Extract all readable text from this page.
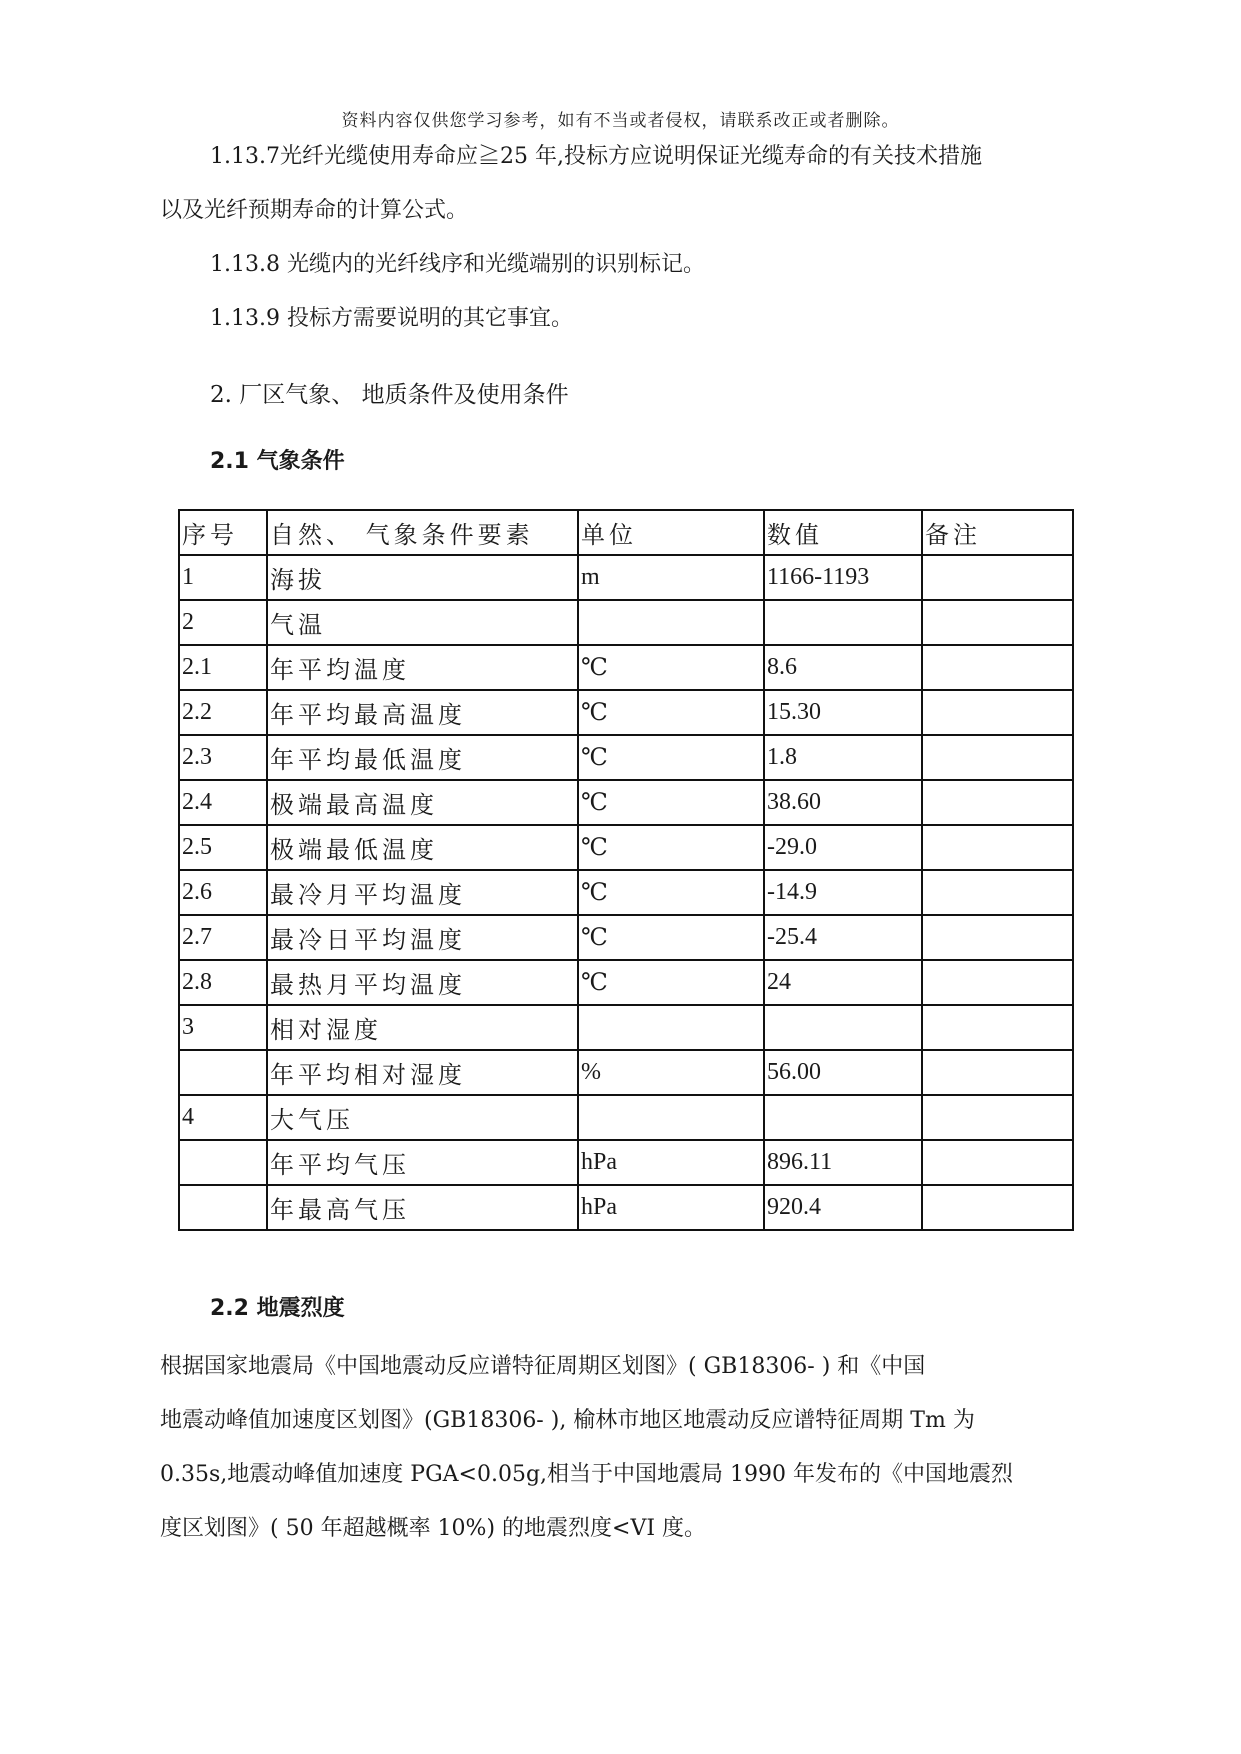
资料内容仅供您学习参考，如有不当或者侵权，请联系改正或者删除。
1.13.7光纤光缆使用寿命应≧25 年,投标方应说明保证光缆寿命的有关技术措施
以及光纤预期寿命的计算公式。
1.13.8 光缆内的光纤线序和光缆端别的识别标记。
1.13.9 投标方需要说明的其它事宜。
2. 厂区气象、 地质条件及使用条件
2.1 气象条件
序号	自然、 气象条件要素	单位	数值	备注
1	海拔	m	1166-1193	
2	气温			
2.1	年平均温度	℃	8.6	
2.2	年平均最高温度	℃	15.30	
2.3	年平均最低温度	℃	1.8	
2.4	极端最高温度	℃	38.60	
2.5	极端最低温度	℃	-29.0	
2.6	最冷月平均温度	℃	-14.9	
2.7	最冷日平均温度	℃	-25.4	
2.8	最热月平均温度	℃	24	
3	相对湿度			
	年平均相对湿度	%	56.00	
4	大气压			
	年平均气压	hPa	896.11	
	年最高气压	hPa	920.4	
2.2 地震烈度
根据国家地震局《中国地震动反应谱特征周期区划图》( GB18306- ) 和《中国
地震动峰值加速度区划图》(GB18306- ), 榆林市地区地震动反应谱特征周期 Tm 为
0.35s,地震动峰值加速度 PGA<0.05g,相当于中国地震局 1990 年发布的《中国地震烈
度区划图》( 50 年超越概率 10%) 的地震烈度<VI 度。
